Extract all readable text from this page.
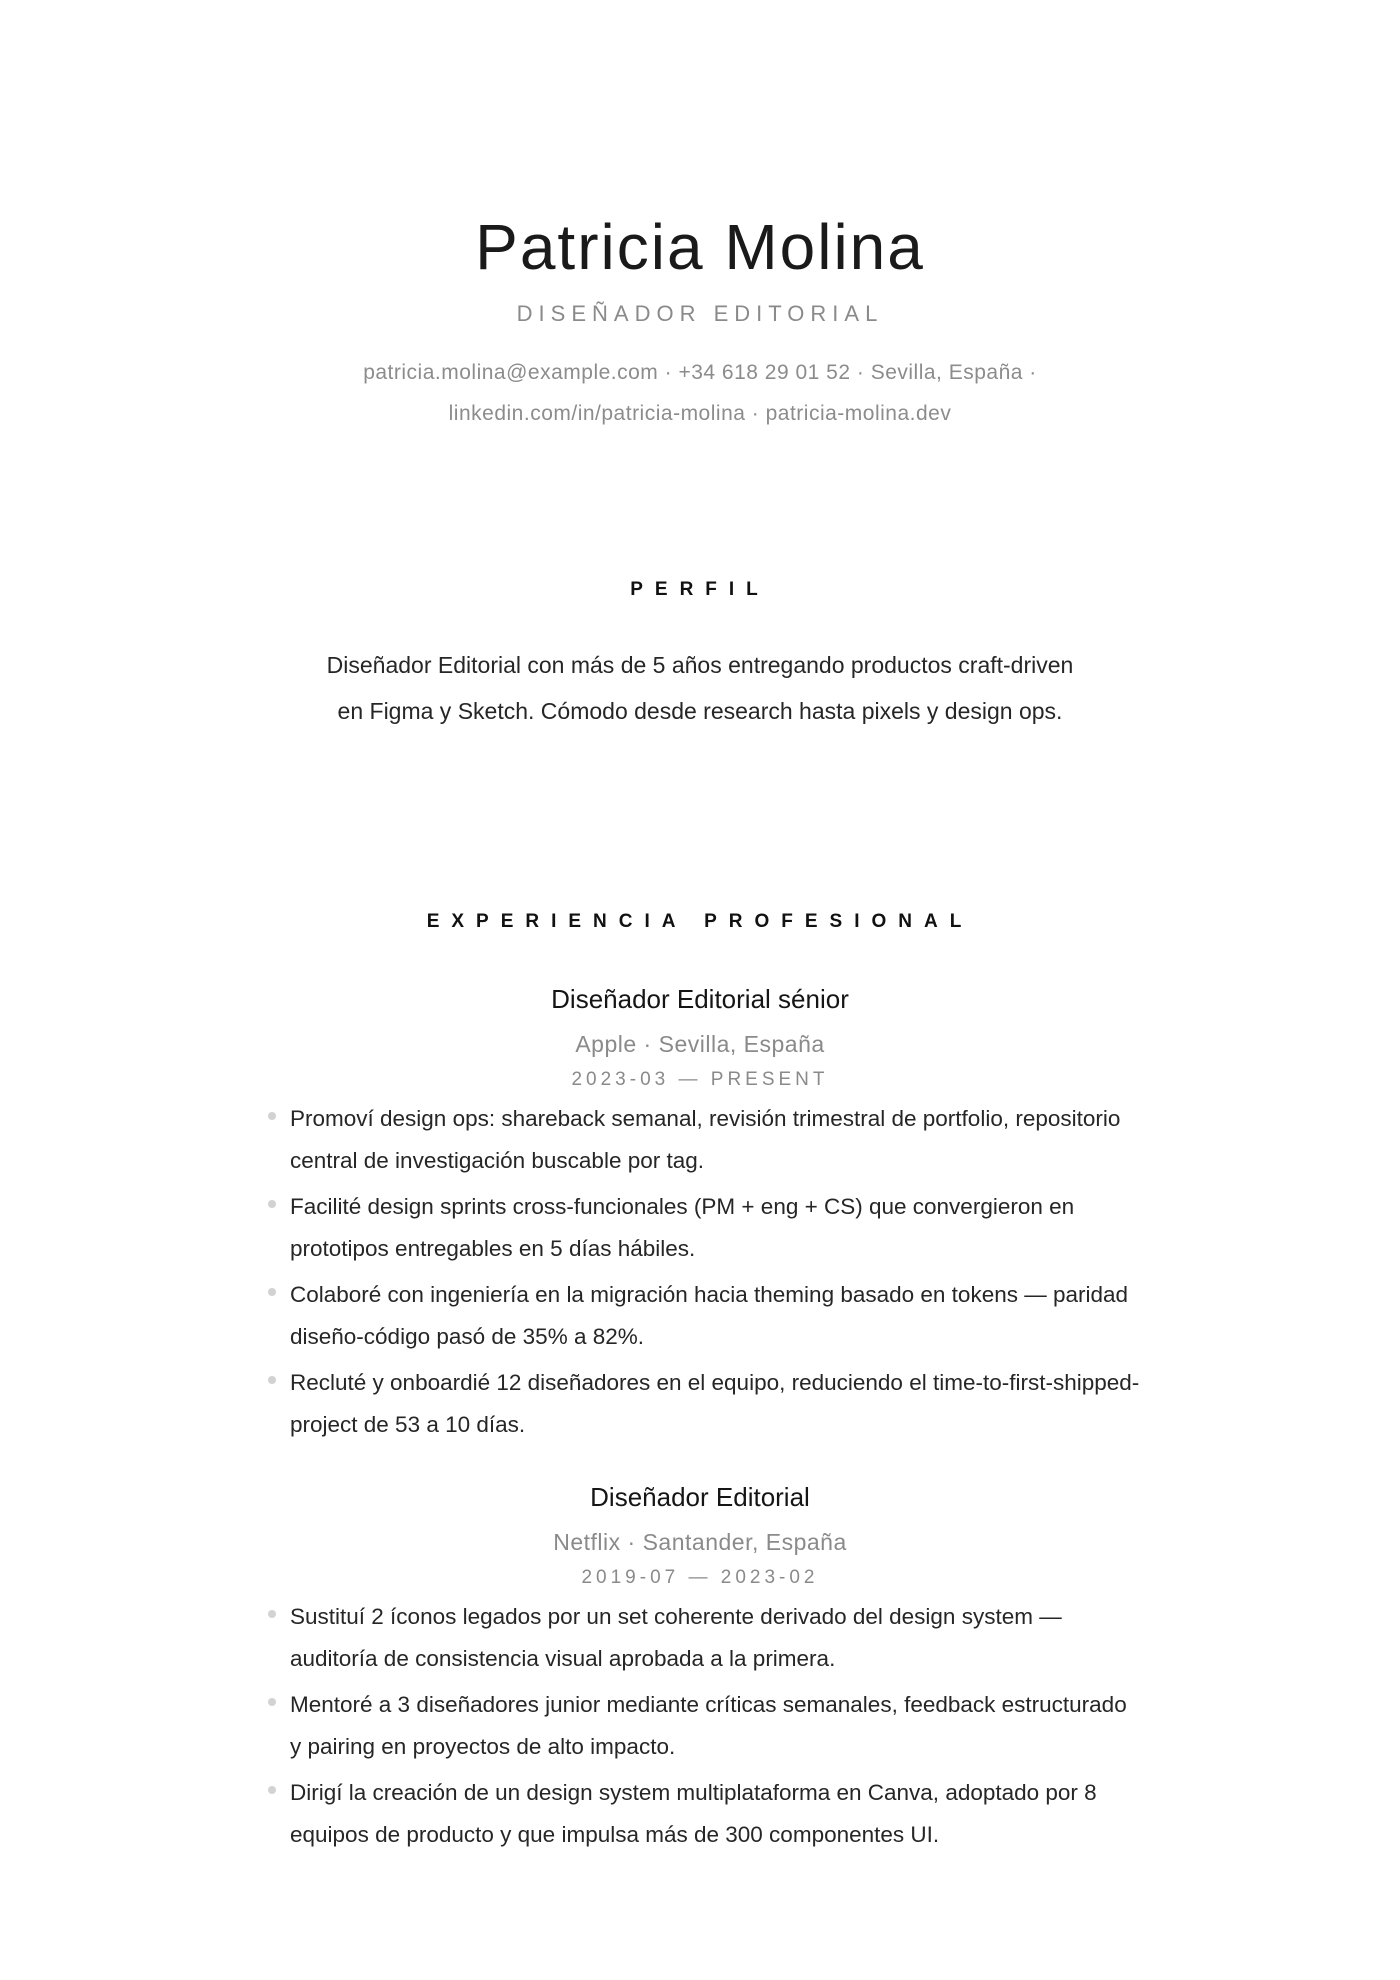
Patricia Molina
DISEÑADOR EDITORIAL
patricia.molina@example.com · +34 618 29 01 52 · Sevilla, España ·
linkedin.com/in/patricia-molina · patricia-molina.dev
PERFIL
Diseñador Editorial con más de 5 años entregando productos craft-driven en Figma y Sketch. Cómodo desde research hasta pixels y design ops.
EXPERIENCIA PROFESIONAL
Diseñador Editorial sénior
Apple · Sevilla, España
2023-03 — PRESENT
Promoví design ops: shareback semanal, revisión trimestral de portfolio, repositorio central de investigación buscable por tag.
Facilité design sprints cross-funcionales (PM + eng + CS) que convergieron en prototipos entregables en 5 días hábiles.
Colaboré con ingeniería en la migración hacia theming basado en tokens — paridad diseño-código pasó de 35% a 82%.
Recluté y onboardié 12 diseñadores en el equipo, reduciendo el time-to-first-shipped-project de 53 a 10 días.
Diseñador Editorial
Netflix · Santander, España
2019-07 — 2023-02
Sustituí 2 íconos legados por un set coherente derivado del design system — auditoría de consistencia visual aprobada a la primera.
Mentoré a 3 diseñadores junior mediante críticas semanales, feedback estructurado y pairing en proyectos de alto impacto.
Dirigí la creación de un design system multiplataforma en Canva, adoptado por 8 equipos de producto y que impulsa más de 300 componentes UI.
